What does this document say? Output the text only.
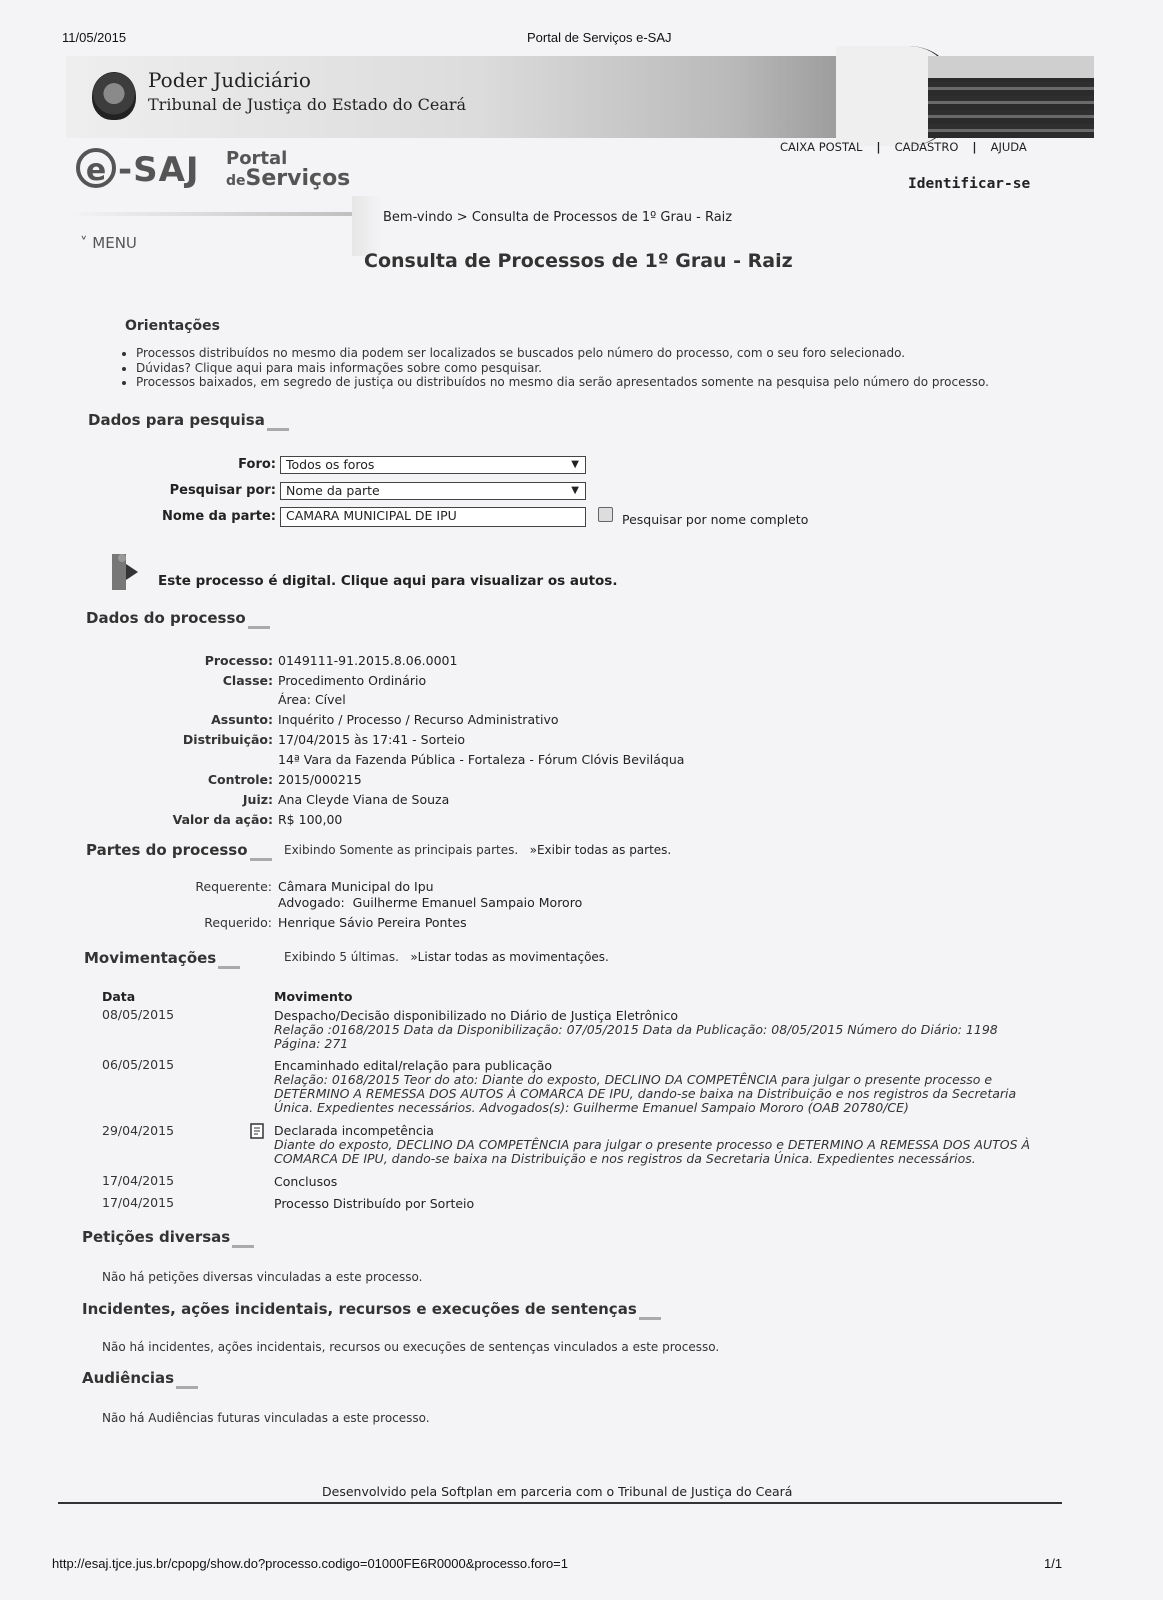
11/05/2015	Portal de Serviços e-SAJ
Poder Judiciário
Tribunal de Justiça do Estado do Ceará
e -SAJ Portal
deServiços
CAIXA POSTAL | CADASTRO | AJUDA
Identificar-se
˅ MENU
Bem-vindo > Consulta de Processos de 1º Grau - Raiz
Consulta de Processos de 1º Grau - Raiz
Orientações
• Processos distribuídos no mesmo dia podem ser localizados se buscados pelo número do processo, com o seu foro selecionado.
• Dúvidas? Clique aqui para mais informações sobre como pesquisar.
• Processos baixados, em segredo de justiça ou distribuídos no mesmo dia serão apresentados somente na pesquisa pelo número do processo.
Dados para pesquisa
Foro: Todos os foros	▼
Pesquisar por: Nome da parte	▼
Nome da parte: CAMARA MUNICIPAL DE IPU	Pesquisar por nome completo
Este processo é digital. Clique aqui para visualizar os autos.
Dados do processo
Processo: 0149111-91.2015.8.06.0001
Classe: Procedimento Ordinário
Área: Cível
Assunto: Inquérito / Processo / Recurso Administrativo
Distribuição: 17/04/2015 às 17:41 - Sorteio
14ª Vara da Fazenda Pública - Fortaleza - Fórum Clóvis Beviláqua
Controle: 2015/000215
Juiz: Ana Cleyde Viana de Souza
Valor da ação: R$ 100,00
Partes do processo	Exibindo Somente as principais partes. »Exibir todas as partes.
Requerente: Câmara Municipal do Ipu
Advogado: Guilherme Emanuel Sampaio Mororo
Requerido: Henrique Sávio Pereira Pontes
Movimentações	Exibindo 5 últimas. »Listar todas as movimentações.
Data	Movimento
08/05/2015	Despacho/Decisão disponibilizado no Diário de Justiça Eletrônico
Relação :0168/2015 Data da Disponibilização: 07/05/2015 Data da Publicação: 08/05/2015 Número do Diário: 1198 Página: 271
06/05/2015	Encaminhado edital/relação para publicação
Relação: 0168/2015 Teor do ato: Diante do exposto, DECLINO DA COMPETÊNCIA para julgar o presente processo e DETERMINO A REMESSA DOS AUTOS À COMARCA DE IPU, dando-se baixa na Distribuição e nos registros da Secretaria Única. Expedientes necessários. Advogados(s): Guilherme Emanuel Sampaio Mororo (OAB 20780/CE)
29/04/2015	Declarada incompetência
Diante do exposto, DECLINO DA COMPETÊNCIA para julgar o presente processo e DETERMINO A REMESSA DOS AUTOS À COMARCA DE IPU, dando-se baixa na Distribuição e nos registros da Secretaria Única. Expedientes necessários.
17/04/2015	Conclusos
17/04/2015	Processo Distribuído por Sorteio
Petições diversas
Não há petições diversas vinculadas a este processo.
Incidentes, ações incidentais, recursos e execuções de sentenças
Não há incidentes, ações incidentais, recursos ou execuções de sentenças vinculados a este processo.
Audiências
Não há Audiências futuras vinculadas a este processo.
Desenvolvido pela Softplan em parceria com o Tribunal de Justiça do Ceará
http://esaj.tjce.jus.br/cpopg/show.do?processo.codigo=01000FE6R0000&processo.foro=1	1/1
